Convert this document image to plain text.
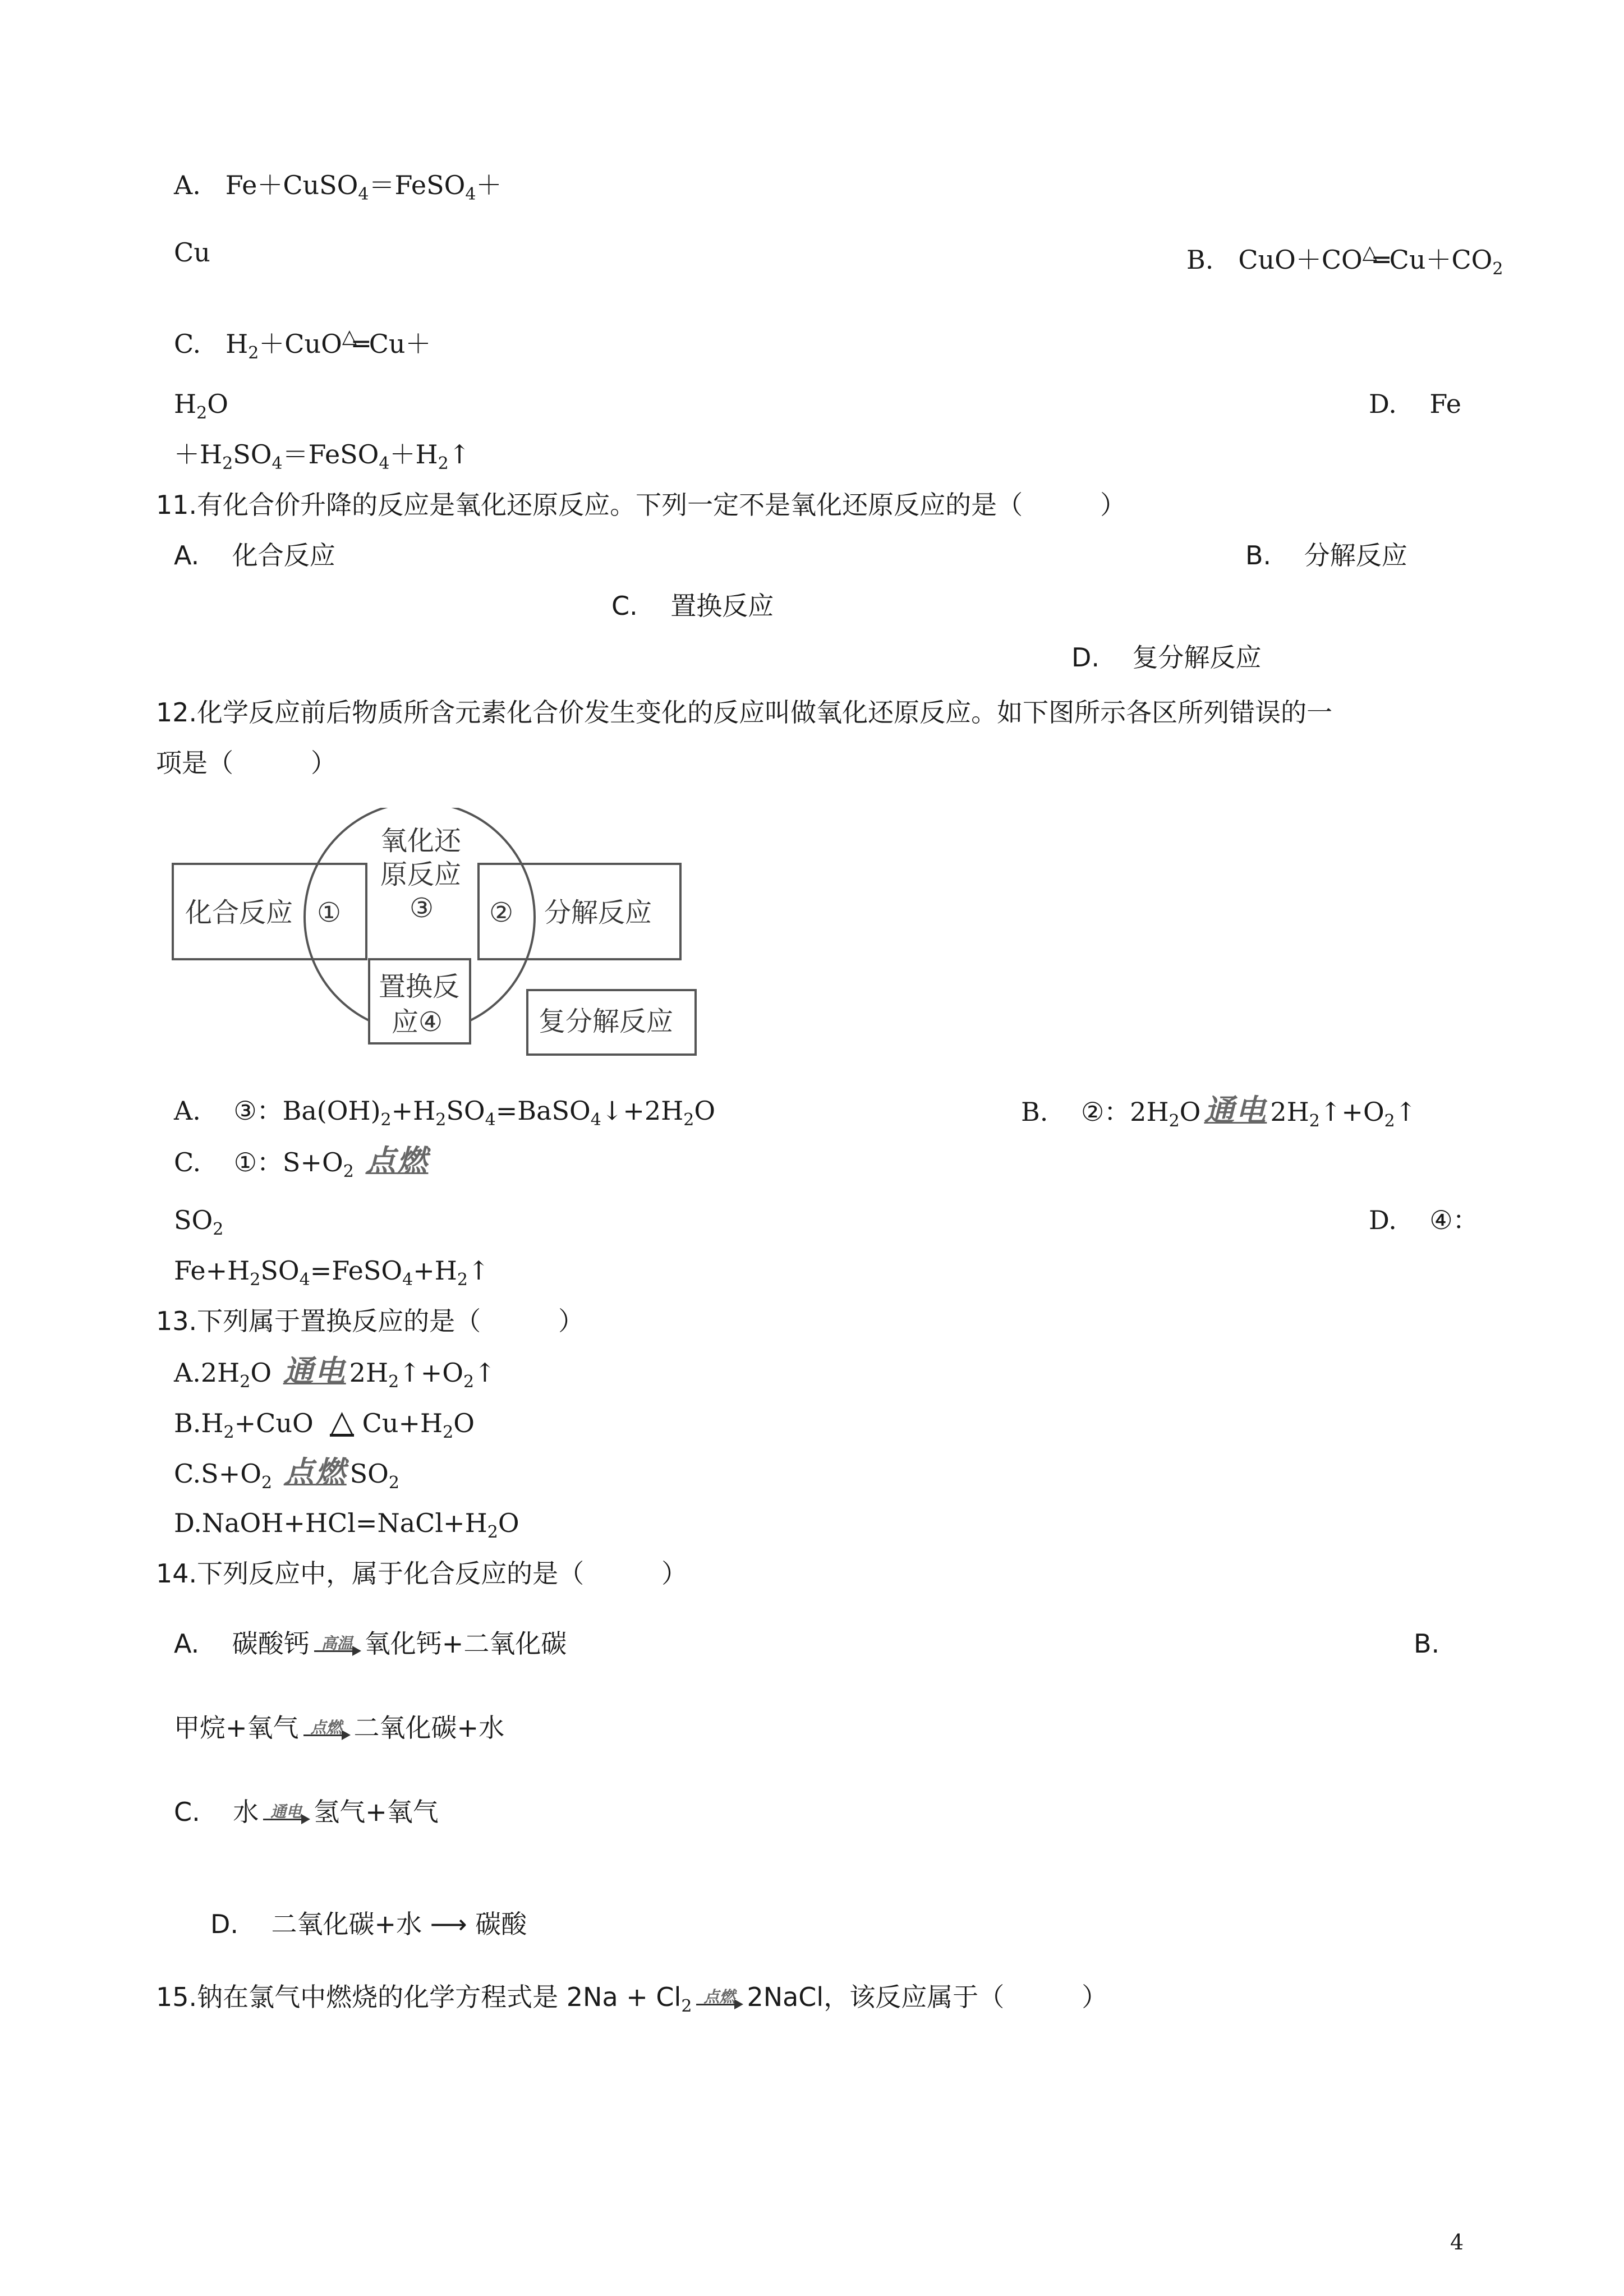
A. Fe＋CuSO$_4$＝FeSO$_4$＋
Cu	B. $CuO+CO^\triangle═Cu+CO_2$
C. $H_2+CuO^\triangle═Cu+$
$H_2O$	D. Fe
$+H_2SO_4=FeSO_4+H_2↑$
11.有化合价升降的反应是氧化还原反应。下列一定不是氧化还原反应的是（　　　）
A. 化合反应	B. 分解反应
C. 置换反应
D. 复分解反应
12.化学反应前后物质所含元素化合价发生变化的反应叫做氧化还原反应。如下图所示各区所列错误的一
项是（　　　）
化合反应 ①
氧化还
原反应
③ ② 分解反应
置换反
应④	复分解反应
A. ③：$Ba(OH)_2+H_2SO_4=BaSO_4↓+2H_2O$	B. ②：$2H_2O$ 通电 $2H_2↑+O_2↑$
C. ①：$S+O_2$ 点燃
$SO_2$	D. ④：
$Fe+H_2SO_4=FeSO_4+H_2↑$
13.下列属于置换反应的是（　　　）
$A.2H_2O$ 通电 $2H_2↑+O_2↑$
$B.H_2+CuO$ △ $Cu+H_2O$
$C.S+O_2$ 点燃 $SO_2$
$D.NaOH+HCl=NaCl+H_2O$
14.下列反应中，属于化合反应的是（　　　）
A. 碳酸钙 高温 氧化钙+二氧化碳	B.
甲烷+氧气 点燃 二氧化碳+水
C. 水 通电 氢气+氧气
D. 二氧化碳+水 ⟶ 碳酸
15.钠在氯气中燃烧的化学方程式是 $2Na + Cl_2$ 点燃 2NaCl，该反应属于（　　　）
4
